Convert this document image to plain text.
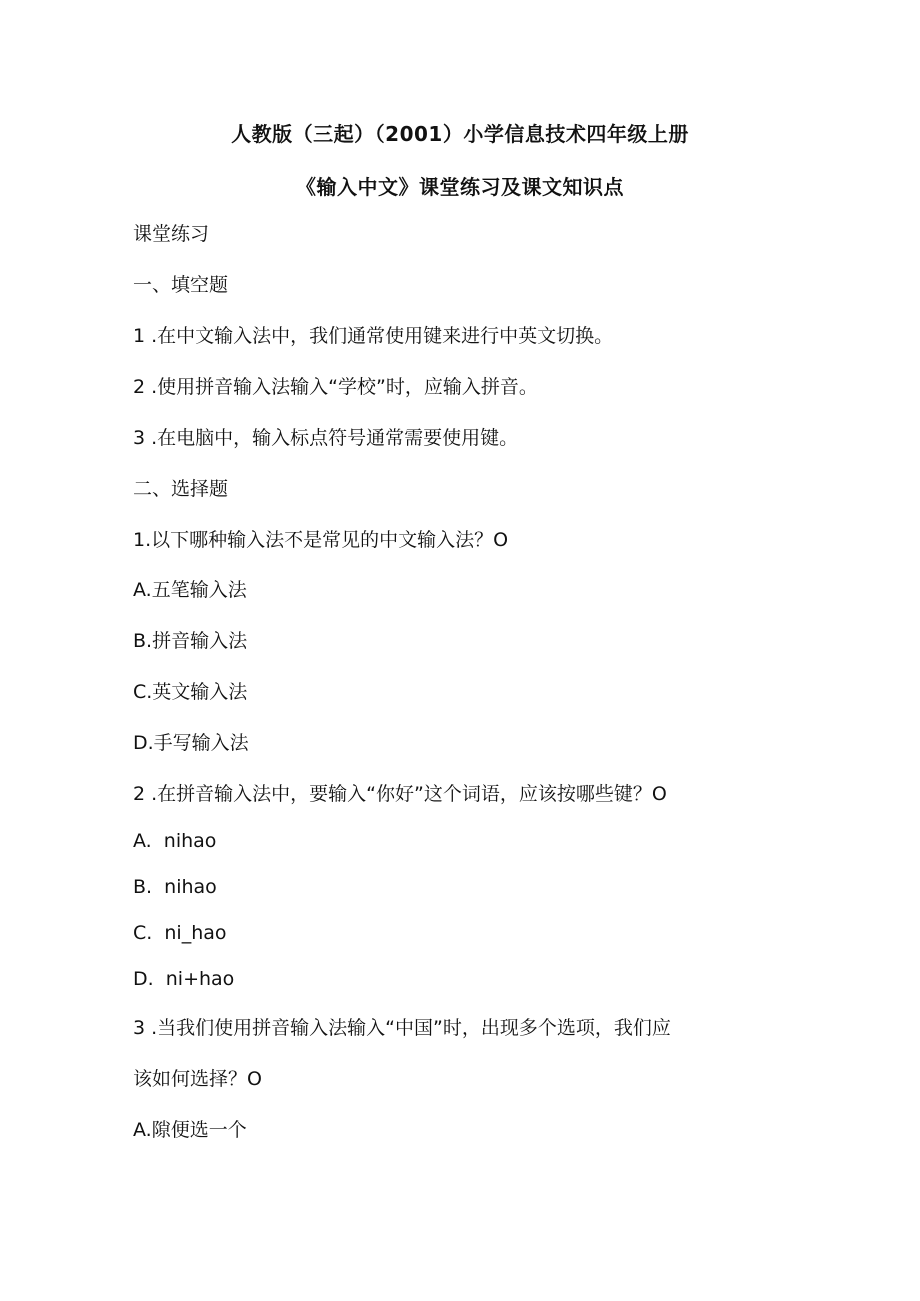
人教版（三起）（2001）小学信息技术四年级上册
《输入中文》课堂练习及课文知识点
课堂练习
一、填空题
1 .在中文输入法中，我们通常使用键来进行中英文切换。
2 .使用拼音输入法输入“学校”时，应输入拼音。
3 .在电脑中，输入标点符号通常需要使用键。
二、选择题
1.以下哪种输入法不是常见的中文输入法？O
A.五笔输入法
B.拼音输入法
C.英文输入法
D.手写输入法
2 .在拼音输入法中，要输入“你好”这个词语，应该按哪些键？O
A.  nihao
B.  nihao
C.  ni_hao
D.  ni+hao
3 .当我们使用拼音输入法输入“中国”时，出现多个选项，我们应
该如何选择？O
A.隙便选一个
